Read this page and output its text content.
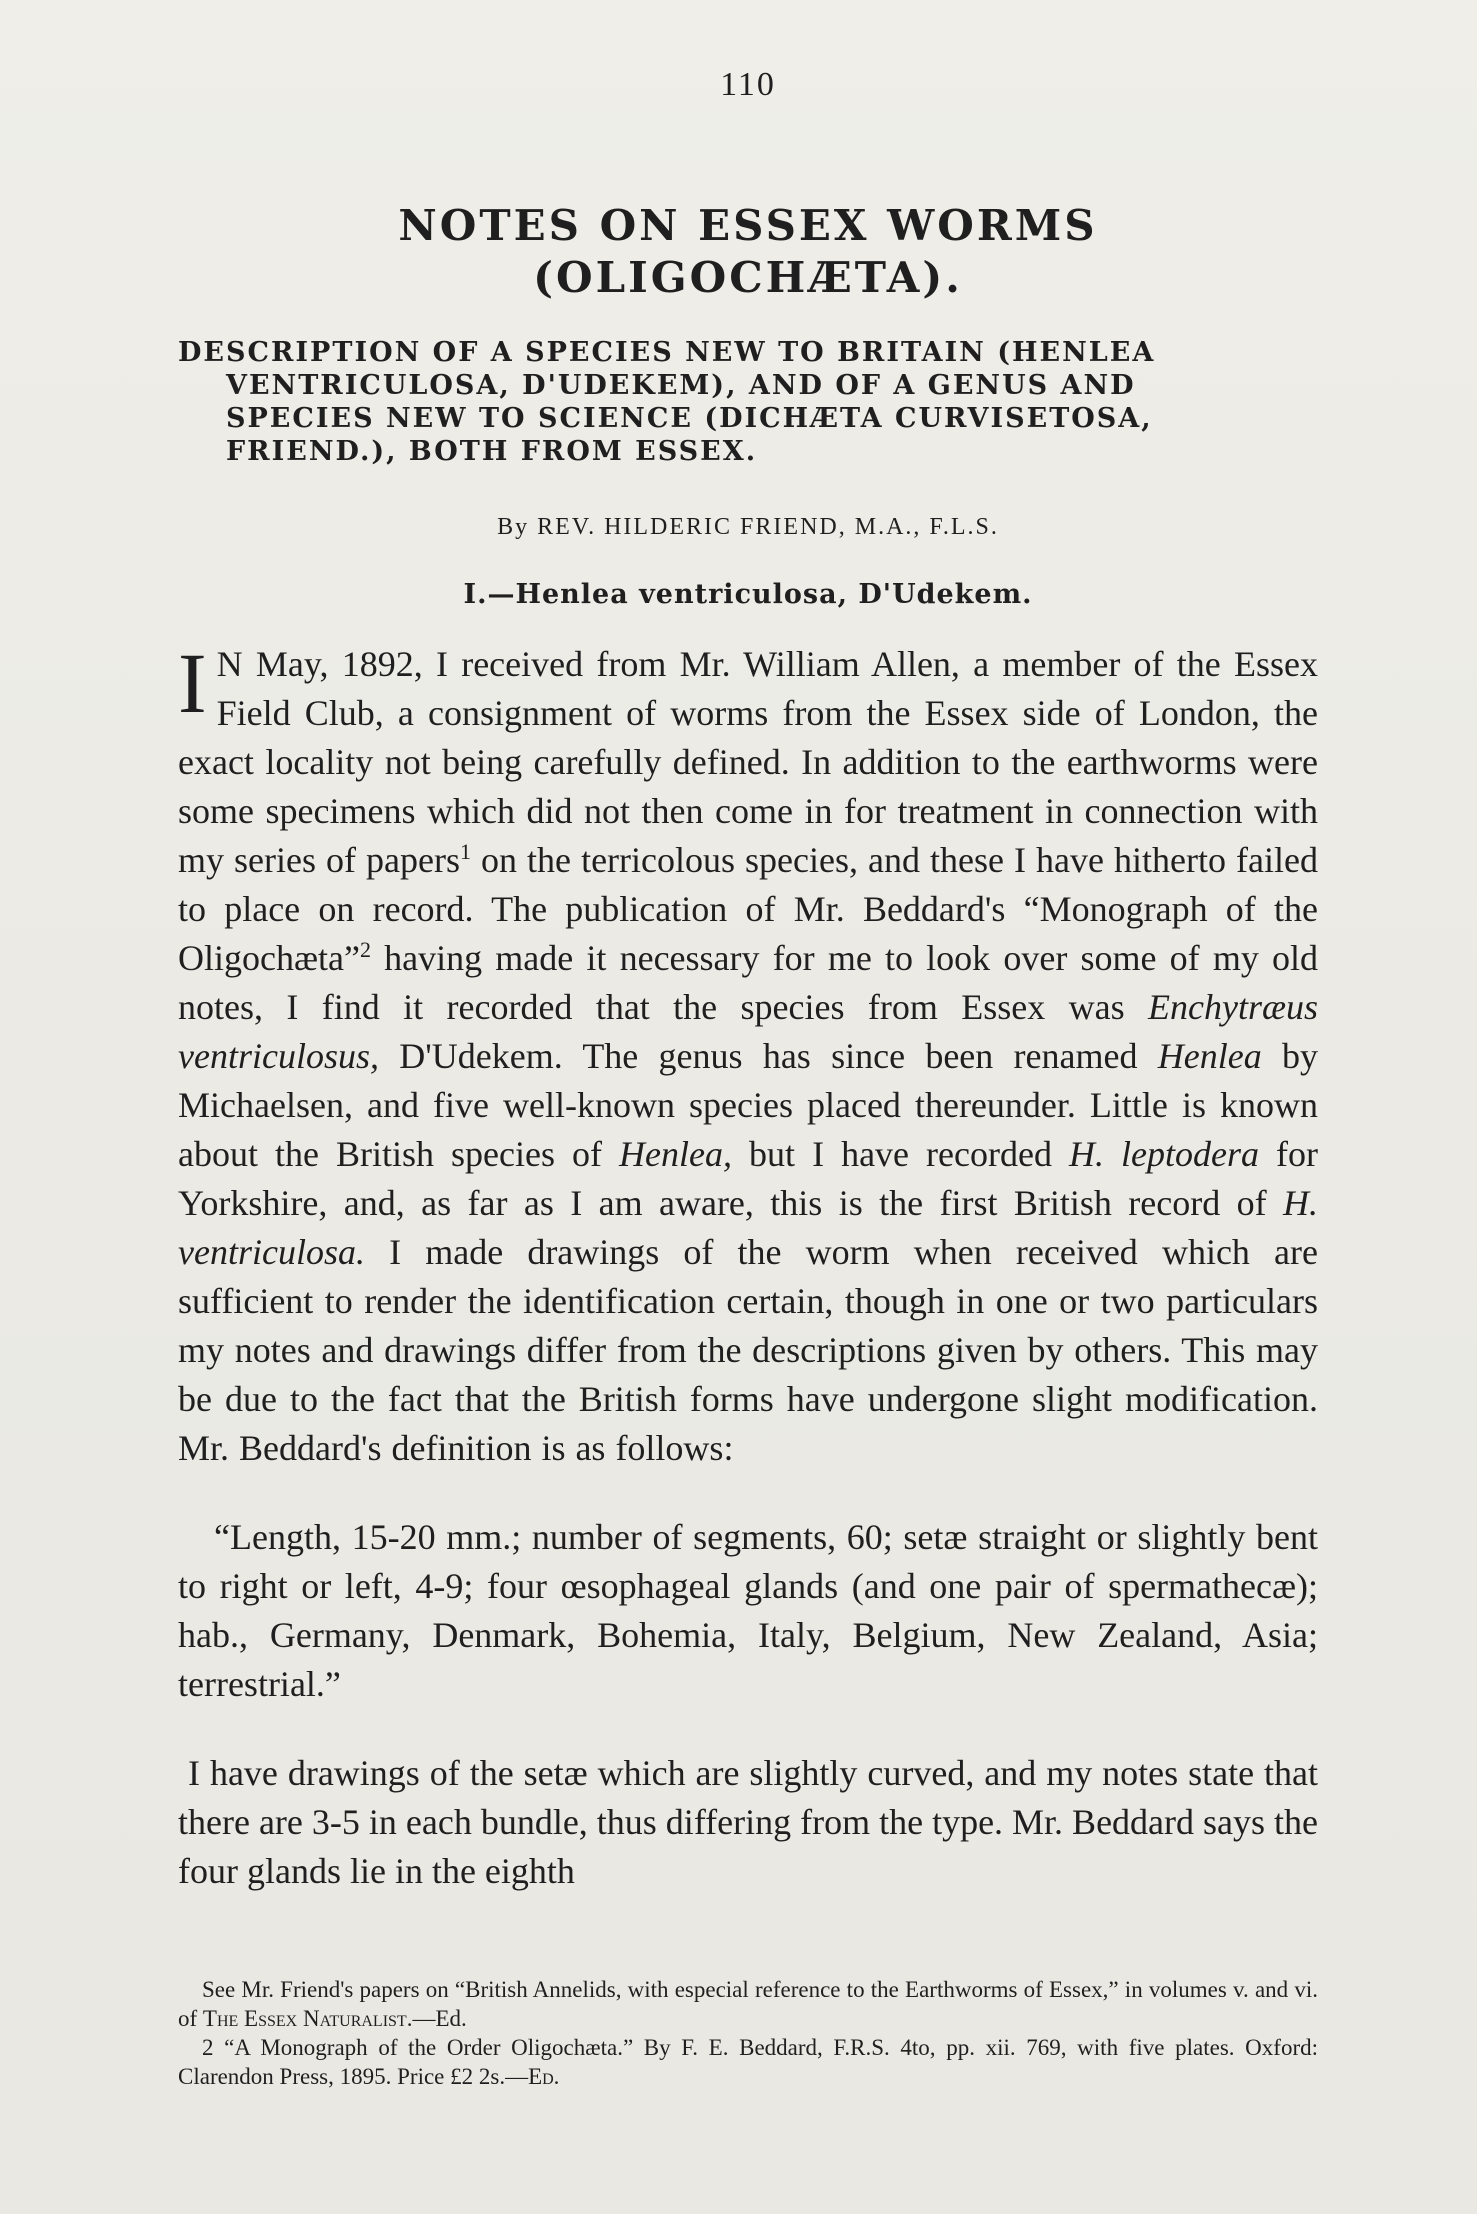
110

NOTES ON ESSEX WORMS (OLIGOCHÆTA).
DESCRIPTION OF A SPECIES NEW TO BRITAIN (HENLEA
VENTRICULOSA, D'UDEKEM), AND OF A GENUS AND
SPECIES NEW TO SCIENCE (DICHÆTA CURVISETOSA,
FRIEND.), BOTH FROM ESSEX.

By REV. HILDERIC FRIEND, M.A., F.L.S.

I.—Henlea ventriculosa, D'Udekem.

I N May, 1892, I received from Mr. William Allen, a member of the Essex Field Club, a consignment of worms from the Essex side of London, the exact locality not being carefully defined. In addition to the earthworms were some specimens which did not then come in for treatment in connection with my series of papers$^1$ on the terricolous species, and these I have hitherto failed to place on record. The publication of Mr. Beddard's “Monograph of the Oligochæta”$^2$ having made it necessary for me to look over some of my old notes, I find it recorded that the species from Essex was Enchytræus ventriculosus, D'Udekem. The genus has since been renamed Henlea by Michaelsen, and five well-known species placed thereunder. Little is known about the British species of Henlea, but I have recorded H. leptodera for Yorkshire, and, as far as I am aware, this is the first British record of H. ventriculosa. I made drawings of the worm when received which are sufficient to render the identification certain, though in one or two particulars my notes and drawings differ from the descriptions given by others. This may be due to the fact that the British forms have undergone slight modification. Mr. Beddard's definition is as follows:

“Length, 15-20 mm.; number of segments, 60; setæ straight or slightly bent to right or left, 4-9; four œsophageal glands (and one pair of spermathecæ); hab., Germany, Denmark, Bohemia, Italy, Belgium, New Zealand, Asia; terrestrial.”

I have drawings of the setæ which are slightly curved, and my notes state that there are 3-5 in each bundle, thus differing from the type. Mr. Beddard says the four glands lie in the eighth

See Mr. Friend's papers on “British Annelids, with especial reference to the Earthworms of Essex,” in volumes v. and vi. of The Essex Naturalist.—Ed.

2 “A Monograph of the Order Oligochæta.” By F. E. Beddard, F.R.S. 4to, pp. xii. 769, with five plates. Oxford: Clarendon Press, 1895. Price £2 2s.—Ed.
